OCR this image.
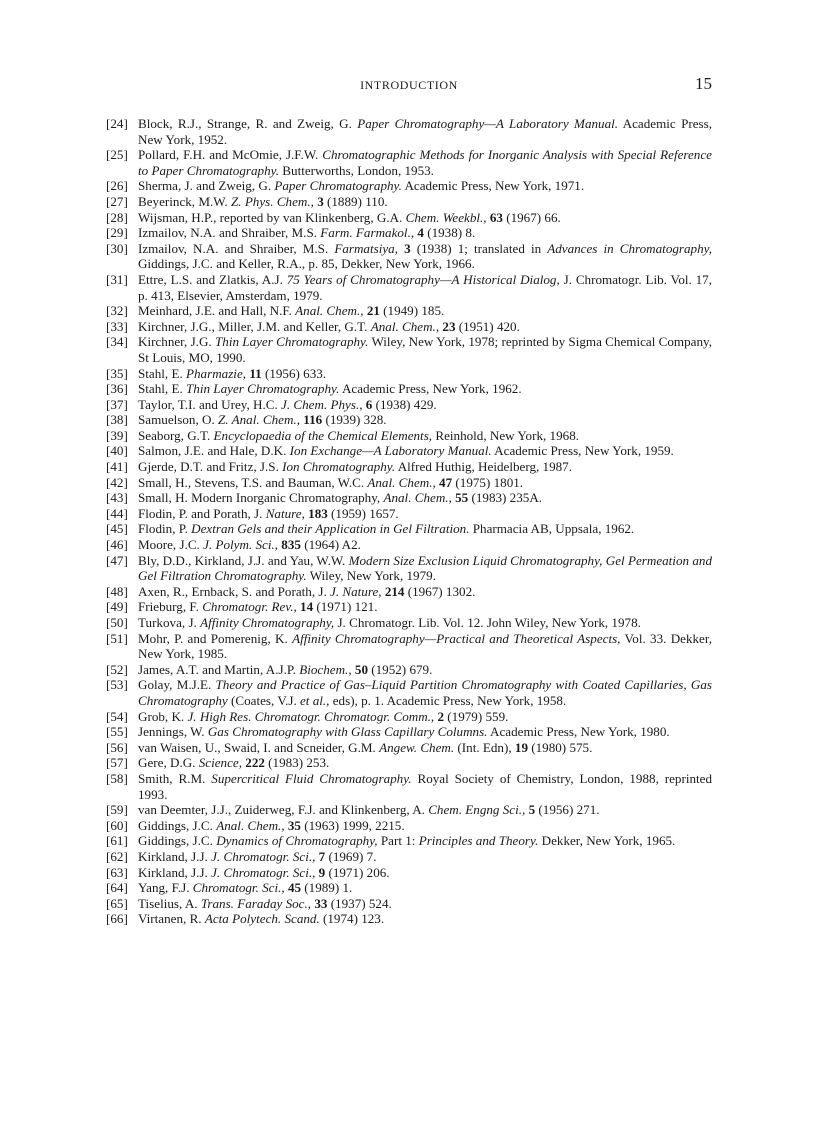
INTRODUCTION	15
[24] Block, R.J., Strange, R. and Zweig, G. Paper Chromatography—A Laboratory Manual. Academic Press, New York, 1952.
[25] Pollard, F.H. and McOmie, J.F.W. Chromatographic Methods for Inorganic Analysis with Special Reference to Paper Chromatography. Butterworths, London, 1953.
[26] Sherma, J. and Zweig, G. Paper Chromatography. Academic Press, New York, 1971.
[27] Beyerinck, M.W. Z. Phys. Chem., 3 (1889) 110.
[28] Wijsman, H.P., reported by van Klinkenberg, G.A. Chem. Weekbl., 63 (1967) 66.
[29] Izmailov, N.A. and Shraiber, M.S. Farm. Farmakol., 4 (1938) 8.
[30] Izmailov, N.A. and Shraiber, M.S. Farmatsiya, 3 (1938) 1; translated in Advances in Chromatography, Giddings, J.C. and Keller, R.A., p. 85, Dekker, New York, 1966.
[31] Ettre, L.S. and Zlatkis, A.J. 75 Years of Chromatography—A Historical Dialog, J. Chromatogr. Lib. Vol. 17, p. 413, Elsevier, Amsterdam, 1979.
[32] Meinhard, J.E. and Hall, N.F. Anal. Chem., 21 (1949) 185.
[33] Kirchner, J.G., Miller, J.M. and Keller, G.T. Anal. Chem., 23 (1951) 420.
[34] Kirchner, J.G. Thin Layer Chromatography. Wiley, New York, 1978; reprinted by Sigma Chemical Company, St Louis, MO, 1990.
[35] Stahl, E. Pharmazie, 11 (1956) 633.
[36] Stahl, E. Thin Layer Chromatography. Academic Press, New York, 1962.
[37] Taylor, T.I. and Urey, H.C. J. Chem. Phys., 6 (1938) 429.
[38] Samuelson, O. Z. Anal. Chem., 116 (1939) 328.
[39] Seaborg, G.T. Encyclopaedia of the Chemical Elements, Reinhold, New York, 1968.
[40] Salmon, J.E. and Hale, D.K. Ion Exchange—A Laboratory Manual. Academic Press, New York, 1959.
[41] Gjerde, D.T. and Fritz, J.S. Ion Chromatography. Alfred Huthig, Heidelberg, 1987.
[42] Small, H., Stevens, T.S. and Bauman, W.C. Anal. Chem., 47 (1975) 1801.
[43] Small, H. Modern Inorganic Chromatography, Anal. Chem., 55 (1983) 235A.
[44] Flodin, P. and Porath, J. Nature, 183 (1959) 1657.
[45] Flodin, P. Dextran Gels and their Application in Gel Filtration. Pharmacia AB, Uppsala, 1962.
[46] Moore, J.C. J. Polym. Sci., 835 (1964) A2.
[47] Bly, D.D., Kirkland, J.J. and Yau, W.W. Modern Size Exclusion Liquid Chromatography, Gel Permeation and Gel Filtration Chromatography. Wiley, New York, 1979.
[48] Axen, R., Ernback, S. and Porath, J. J. Nature, 214 (1967) 1302.
[49] Frieburg, F. Chromatogr. Rev., 14 (1971) 121.
[50] Turkova, J. Affinity Chromatography, J. Chromatogr. Lib. Vol. 12. John Wiley, New York, 1978.
[51] Mohr, P. and Pomerenig, K. Affinity Chromatography—Practical and Theoretical Aspects, Vol. 33. Dekker, New York, 1985.
[52] James, A.T. and Martin, A.J.P. Biochem., 50 (1952) 679.
[53] Golay, M.J.E. Theory and Practice of Gas–Liquid Partition Chromatography with Coated Capillaries, Gas Chromatography (Coates, V.J. et al., eds), p. 1. Academic Press, New York, 1958.
[54] Grob, K. J. High Res. Chromatogr. Chromatogr. Comm., 2 (1979) 559.
[55] Jennings, W. Gas Chromatography with Glass Capillary Columns. Academic Press, New York, 1980.
[56] van Waisen, U., Swaid, I. and Scneider, G.M. Angew. Chem. (Int. Edn), 19 (1980) 575.
[57] Gere, D.G. Science, 222 (1983) 253.
[58] Smith, R.M. Supercritical Fluid Chromatography. Royal Society of Chemistry, London, 1988, reprinted 1993.
[59] van Deemter, J.J., Zuiderweg, F.J. and Klinkenberg, A. Chem. Engng Sci., 5 (1956) 271.
[60] Giddings, J.C. Anal. Chem., 35 (1963) 1999, 2215.
[61] Giddings, J.C. Dynamics of Chromatography, Part 1: Principles and Theory. Dekker, New York, 1965.
[62] Kirkland, J.J. J. Chromatogr. Sci., 7 (1969) 7.
[63] Kirkland, J.J. J. Chromatogr. Sci., 9 (1971) 206.
[64] Yang, F.J. Chromatogr. Sci., 45 (1989) 1.
[65] Tiselius, A. Trans. Faraday Soc., 33 (1937) 524.
[66] Virtanen, R. Acta Polytech. Scand. (1974) 123.
